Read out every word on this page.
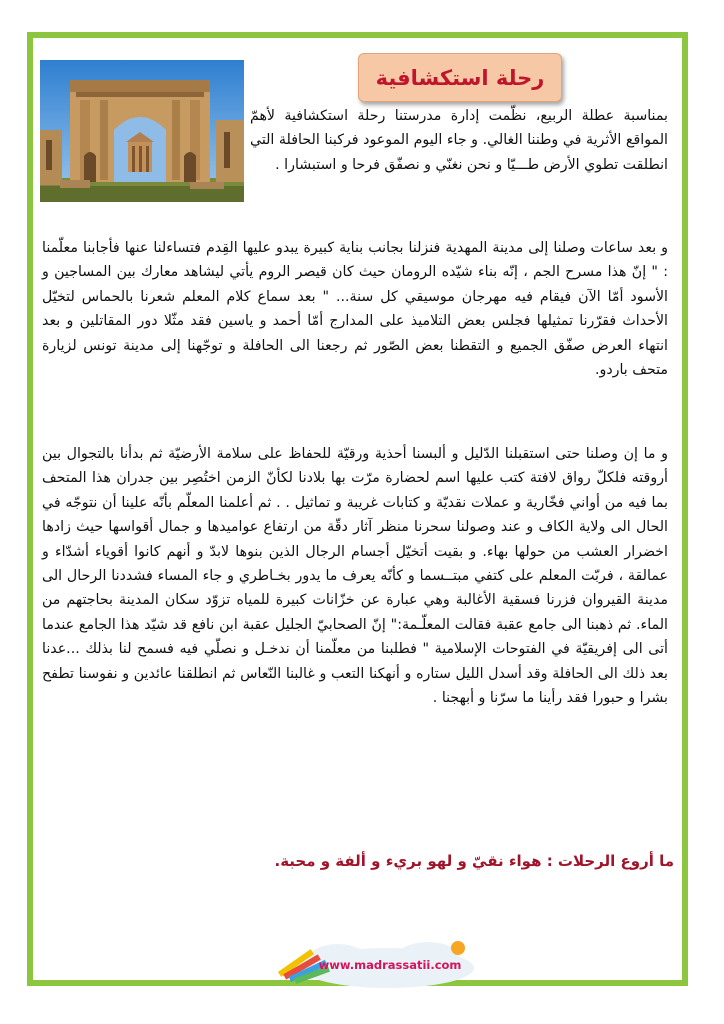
رحلة استكشافية

بمناسبة عطلة الربيع، نظّمت إدارة مدرستنا رحلة استكشافية لأهمّ المواقع الأثرية في وطننا الغالي. و جاء اليوم الموعود فركبنا الحافلة التي انطلقت تطوي الأرض طـــيّا و نحن نغنّي و نصفّق فرحا و استبشارا .

و بعد ساعات وصلنا إلى مدينة المهدية فنزلنا بجانب بناية كبيرة يبدو عليها القِدم فتساءلنا عنها فأجابنا معلّمنا : " إنّ هذا مسرح الجم ، إنّه بناء شيّده الرومان حيث كان قيصر الروم يأتي ليشاهد معارك بين المساجين و الأسود أمّا الآن فيقام فيه مهرجان موسيقي كل سنة... " بعد سماع كلام المعلم شعرنا بالحماس لتخيّل الأحداث فقرّرنا تمثيلها فجلس بعض التلاميذ على المدارج أمّا أحمد و ياسين فقد مثّلا دور المقاتلين و بعد انتهاء العرض صفّق الجميع و التقطنا بعض الصّور ثم رجعنا الى الحافلة و توجّهنا إلى مدينة تونس لزيارة متحف باردو.

و ما إن وصلنا حتى استقبلنا الدّليل و ألبسنا أحذية ورقيّة للحفاظ على سلامة الأرضيّة ثم بدأنا بالتجوال بين أروقته فلكلّ رواق لافتة كتب عليها اسم لحضارة مرّت بها بلادنا لكأنّ الزمن اختُصِر بين جدران هذا المتحف بما فيه من أواني فخّارية و عملات نقديّة و كتابات غريبة و تماثيل . . ثم أعلمنا المعلّم بأنّه علينا أن نتوجّه في الحال الى ولاية الكاف و عند وصولنا سحرنا منظر آثار دقّة من ارتفاع عواميدها و جمال أقواسها حيث زادها اخضرار العشب من حولها بهاء. و بقيت أتخيّل أجسام الرجال الذين بنوها لابدّ و أنهم كانوا أقوياء أشدّاء و عمالقة ، فربّت المعلم على كتفي مبتــسما و كأنّه يعرف ما يدور بخـاطري و جاء المساء فشددنا الرحال الى مدينة القيروان فزرنا فسقية الأغالبة وهي عبارة عن خزّانات كبيرة للمياه تزوّد سكان المدينة بحاجتهم من الماء. ثم ذهبنا الى جامع عقبة فقالت المعلّـمة:" إنّ الصحابيّ الجليل عقبة ابن نافع قد شيّد هذا الجامع عندما أتى الى إفريقيّة في الفتوحات الإسلامية " فطلبنا من معلّمنا أن ندخـل و نصلّي فيه فسمح لنا بذلك ...عدنا بعد ذلك الى الحافلة وقد أسدل الليل ستاره و أنهكنا التعب و غالبنا النّعاس ثم انطلقنا عائدين و نفوسنا تطفح بشرا و حبورا فقد رأينا ما سرّنا و أبهجنا .

ما أروع الرحلات : هواء نقيّ و لهو بريء و ألفة و محبة.

www.madrassatii.com
